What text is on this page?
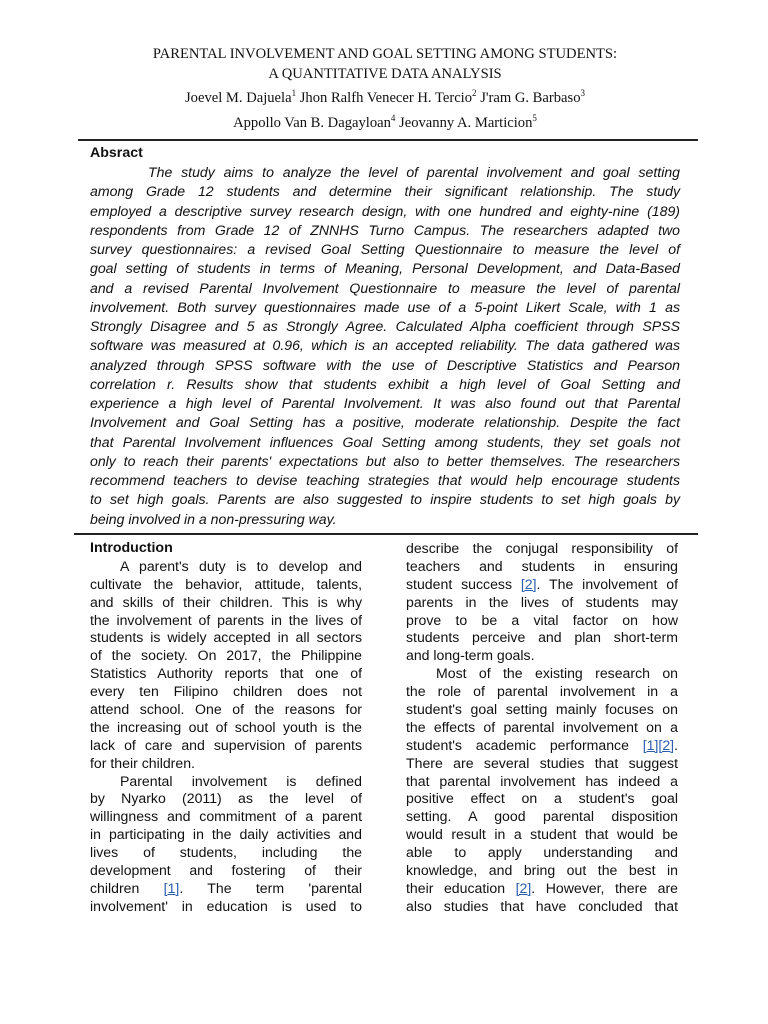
PARENTAL INVOLVEMENT AND GOAL SETTING AMONG STUDENTS:
A QUANTITATIVE DATA ANALYSIS
Joevel M. Dajuela$^1$ Jhon Ralfh Venecer H. Tercio$^2$ J'ram G. Barbaso$^3$
Appollo Van B. Dagayloan$^4$ Jeovanny A. Marticion$^5$
Absract
The study aims to analyze the level of parental involvement and goal setting
among Grade 12 students and determine their significant relationship. The study
employed a descriptive survey research design, with one hundred and eighty-nine (189)
respondents from Grade 12 of ZNNHS Turno Campus. The researchers adapted two
survey questionnaires: a revised Goal Setting Questionnaire to measure the level of
goal setting of students in terms of Meaning, Personal Development, and Data-Based
and a revised Parental Involvement Questionnaire to measure the level of parental
involvement. Both survey questionnaires made use of a 5-point Likert Scale, with 1 as
Strongly Disagree and 5 as Strongly Agree. Calculated Alpha coefficient through SPSS
software was measured at 0.96, which is an accepted reliability. The data gathered was
analyzed through SPSS software with the use of Descriptive Statistics and Pearson
correlation r. Results show that students exhibit a high level of Goal Setting and
experience a high level of Parental Involvement. It was also found out that Parental
Involvement and Goal Setting has a positive, moderate relationship. Despite the fact
that Parental Involvement influences Goal Setting among students, they set goals not
only to reach their parents' expectations but also to better themselves. The researchers
recommend teachers to devise teaching strategies that would help encourage students
to set high goals. Parents are also suggested to inspire students to set high goals by
being involved in a non-pressuring way.
Introduction
A parent's duty is to develop and
cultivate the behavior, attitude, talents,
and skills of their children. This is why
the involvement of parents in the lives of
students is widely accepted in all sectors
of the society. On 2017, the Philippine
Statistics Authority reports that one of
every ten Filipino children does not
attend school. One of the reasons for
the increasing out of school youth is the
lack of care and supervision of parents
for their children.
Parental involvement is defined
by Nyarko (2011) as the level of
willingness and commitment of a parent
in participating in the daily activities and
lives of students, including the
development and fostering of their
children [1]. The term 'parental
involvement' in education is used to
describe the conjugal responsibility of
teachers and students in ensuring
student success [2]. The involvement of
parents in the lives of students may
prove to be a vital factor on how
students perceive and plan short-term
and long-term goals.
Most of the existing research on
the role of parental involvement in a
student's goal setting mainly focuses on
the effects of parental involvement on a
student's academic performance [1][2].
There are several studies that suggest
that parental involvement has indeed a
positive effect on a student's goal
setting. A good parental disposition
would result in a student that would be
able to apply understanding and
knowledge, and bring out the best in
their education [2]. However, there are
also studies that have concluded that
